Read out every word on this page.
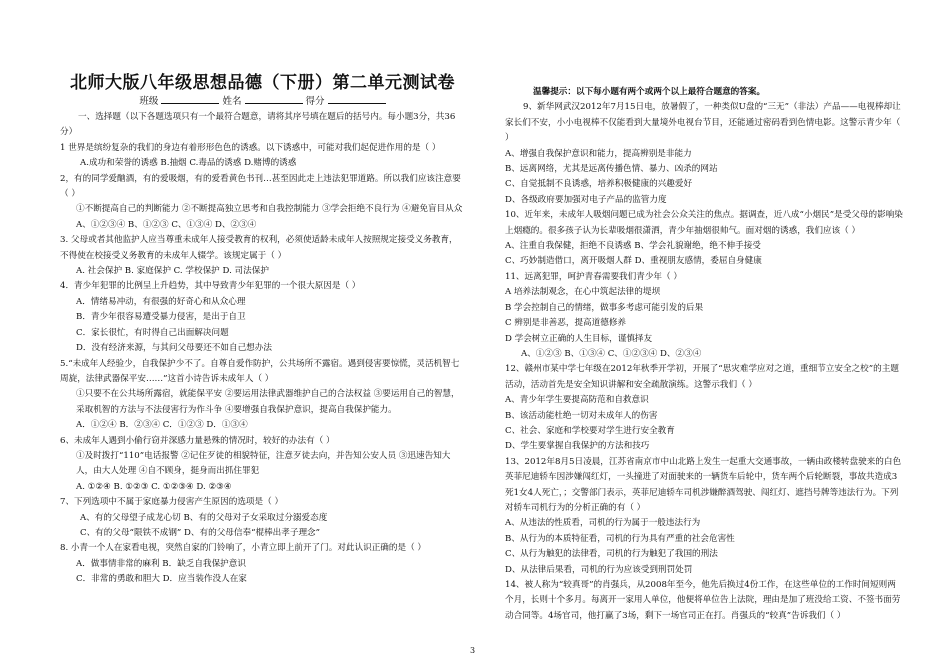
北师大版八年级思想品德（下册）第二单元测试卷
班级	姓名	得分

一、选择题（以下各题选项只有一个最符合题意，请将其序号填在题后的括号内。每小题3分，共36分）

1 世界是缤纷复杂的我们的身边有着形形色色的诱惑。以下诱惑中，可能对我们起促进作用的是（ ）

A.成功和荣誉的诱惑 B.抽烟 C.毒品的诱惑 D.赌博的诱惑

2，有的同学爱酗酒，有的爱吸烟，有的爱看黄色书刊…甚至因此走上违法犯罪道路。所以我们应该注意要 （ ）

①不断提高自己的判断能力 ②不断提高独立思考和自我控制能力 ③学会拒绝不良行为 ④避免盲目从众

A、①②③④ B、①②③ C、①③④ D、②③④

3. 父母或者其他监护人应当尊重未成年人接受教育的权利，必须使适龄未成年人按照规定接受义务教育，不得使在校接受义务教育的未成年人辍学。该规定属于（ ）

A. 社会保护 B. 家庭保护 C. 学校保护 D. 司法保护

4．青少年犯罪的比例呈上升趋势，其中导致青少年犯罪的一个很大原因是（ ）

A．情绪易冲动，有很强的好奇心和从众心理

B．青少年很容易遭受暴力侵害，是出于自卫

C．家长很忙，有时得自己出面解决问题

D．没有经济来源，与其问父母要还不如自己想办法

5.“未成年人经验少，自我保护少不了。自尊自爱作防护，公共场所不露宿。遇到侵害要惊慌，灵活机智七周旋，法律武器保平安……”这首小诗告诉未成年人（ ）

①只要不在公共场所露宿，就能保平安 ②要运用法律武器维护自己的合法权益 ③要运用自己的智慧，采取机智的方法与不法侵害行为作斗争 ④要增强自我保护意识，提高自我保护能力。

A．①②④ B．②③④ C．①②③ D．①③④

6、未成年人遇到小偷行窃并深感力量悬殊的情况时，较好的办法有（ ）

①及时拨打“110”电话报警 ②记住歹徒的相貌特征，注意歹徒去向，并告知公安人员 ③迅速告知大人，由大人处理 ④自不顾身，挺身而出抓住罪犯

A. ①②④ B. ①②③ C. ①②③④ D. ②③④

7、下列选项中不属于家庭暴力侵害产生原因的选项是（ ）

A、有的父母望子成龙心切 B、有的父母对子女采取过分溺爱态度

C、有的父母“限铁不成钢” D、有的父母信奉“棍棒出孝子理念”

8. 小青一个人在家看电视，突然自家的门铃响了，小青立即上前开了门。对此认识正确的是（ ）

A．做事情非常的麻利 B．缺乏自我保护意识

C．非常的勇敢和胆大 D．应当装作没人在家

温馨提示：以下每小题有两个或两个以上最符合题意的答案。

9、新华网武汉2012年7月15日电，放暑假了，一种类似U盘的“三无”（非法）产品——电视棒却让家长们不安，小小电视棒不仅能看到大量境外电视台节目，还能通过密码看到色情电影。这警示青少年（ ）

A、增强自我保护意识和能力，提高辨别是非能力

B、远离网络，尤其是远离传播色情、暴力、凶杀的网站

C、自觉抵制不良诱惑，培养积极健康的兴趣爱好

D、各级政府要加强对电子产品的监管力度

10、近年来，未成年人吸烟问题已成为社会公众关注的焦点。据调查，近八成“小烟民”是受父母的影响染上烟瘾的。很多孩子认为长辈吸烟很潇洒，青少年抽烟很帅气。面对烟的诱惑，我们应该（ ）

A、注重自我保健，拒绝不良诱惑 B、学会礼貌谢绝，绝不伸手接受

C、巧妙制造借口，离开吸烟人群 D、重视朋友感情，委屈自身健康

11、远离犯罪，呵护青春需要我们青少年（ ）

A 培养法制观念，在心中筑起法律的堤坝

B 学会控制自己的情绪，做事多考虑可能引发的后果

C 辨别是非善恶，提高道德修养

D 学会树立正确的人生目标，谨慎择友

A、①②③ B、①③④ C、①②③④ D、②③④

12、赣州市某中学七年级在2012年秋季开学初，开展了“思灾难学应对之道，重细节立安全之校”的主题活动，活动首先是安全知识讲解和安全疏散演练。这警示我们（ ）

A、青少年学生要提高防范和自救意识

B、该活动能杜绝一切对未成年人的伤害

C、社会、家庭和学校要对学生进行安全教育

D、学生要掌握自我保护的方法和技巧

13、2012年8月5日凌晨，江苏省南京市中山北路上发生一起重大交通事故，一辆由政楼转盘驶来的白色英菲尼迪轿车因涉嫌闯红灯，一头撞进了对面驶来的一辆货车后轮中，货车两个后轮断裂，事故共造成3死1女4人死亡，；交警部门表示，英菲尼迪轿车司机涉嫌醉酒驾驶、闯红灯、遮挡号牌等违法行为。下列对轿车司机行为的分析正确的有（ ）

A、从违法的性质看，司机的行为属于一般违法行为

B、从行为的本质特征看，司机的行为具有严重的社会危害性

C、从行为触犯的法律看，司机的行为触犯了我国的刑法

D、从法律后果看，司机的行为应该受到刑罚处罚

14、被人称为“较真哥”的肖强兵，从2008年至今，他先后换过4份工作，在这些单位的工作时间短则两个月，长则十个多月。每离开一家用人单位，他便将单位告上法院，理由是加了班没给工资、不签书面劳动合同等。4场官司，他打赢了3场，剩下一场官司正在打。肖强兵的“较真”告诉我们（ ）

3
